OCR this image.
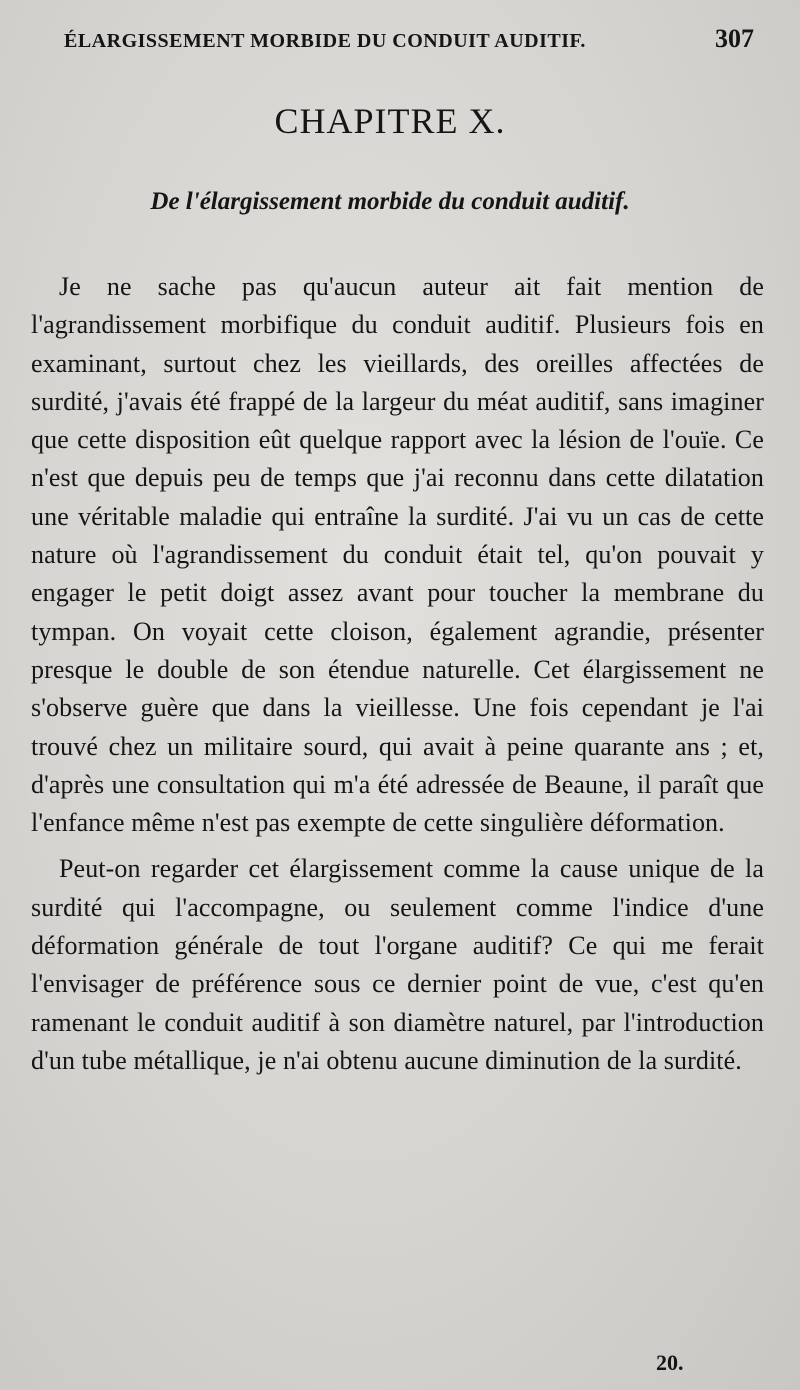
ÉLARGISSEMENT MORBIDE DU CONDUIT AUDITIF.	307
CHAPITRE X.
De l'élargissement morbide du conduit auditif.

Je ne sache pas qu'aucun auteur ait fait mention de l'agrandissement morbifique du conduit auditif. Plusieurs fois en examinant, surtout chez les vieillards, des oreilles affectées de surdité, j'avais été frappé de la largeur du méat auditif, sans imaginer que cette disposition eût quelque rapport avec la lésion de l'ouïe. Ce n'est que depuis peu de temps que j'ai reconnu dans cette dilatation une véritable maladie qui entraîne la surdité. J'ai vu un cas de cette nature où l'agrandissement du conduit était tel, qu'on pouvait y engager le petit doigt assez avant pour toucher la membrane du tympan. On voyait cette cloison, également agrandie, présenter presque le double de son étendue naturelle. Cet élargissement ne s'observe guère que dans la vieillesse. Une fois cependant je l'ai trouvé chez un militaire sourd, qui avait à peine quarante ans ; et, d'après une consultation qui m'a été adressée de Beaune, il paraît que l'enfance même n'est pas exempte de cette singulière déformation.

Peut-on regarder cet élargissement comme la cause unique de la surdité qui l'accompagne, ou seulement comme l'indice d'une déformation générale de tout l'organe auditif? Ce qui me ferait l'envisager de préférence sous ce dernier point de vue, c'est qu'en ramenant le conduit auditif à son diamètre naturel, par l'introduction d'un tube métallique, je n'ai obtenu aucune diminution de la surdité.

20.
